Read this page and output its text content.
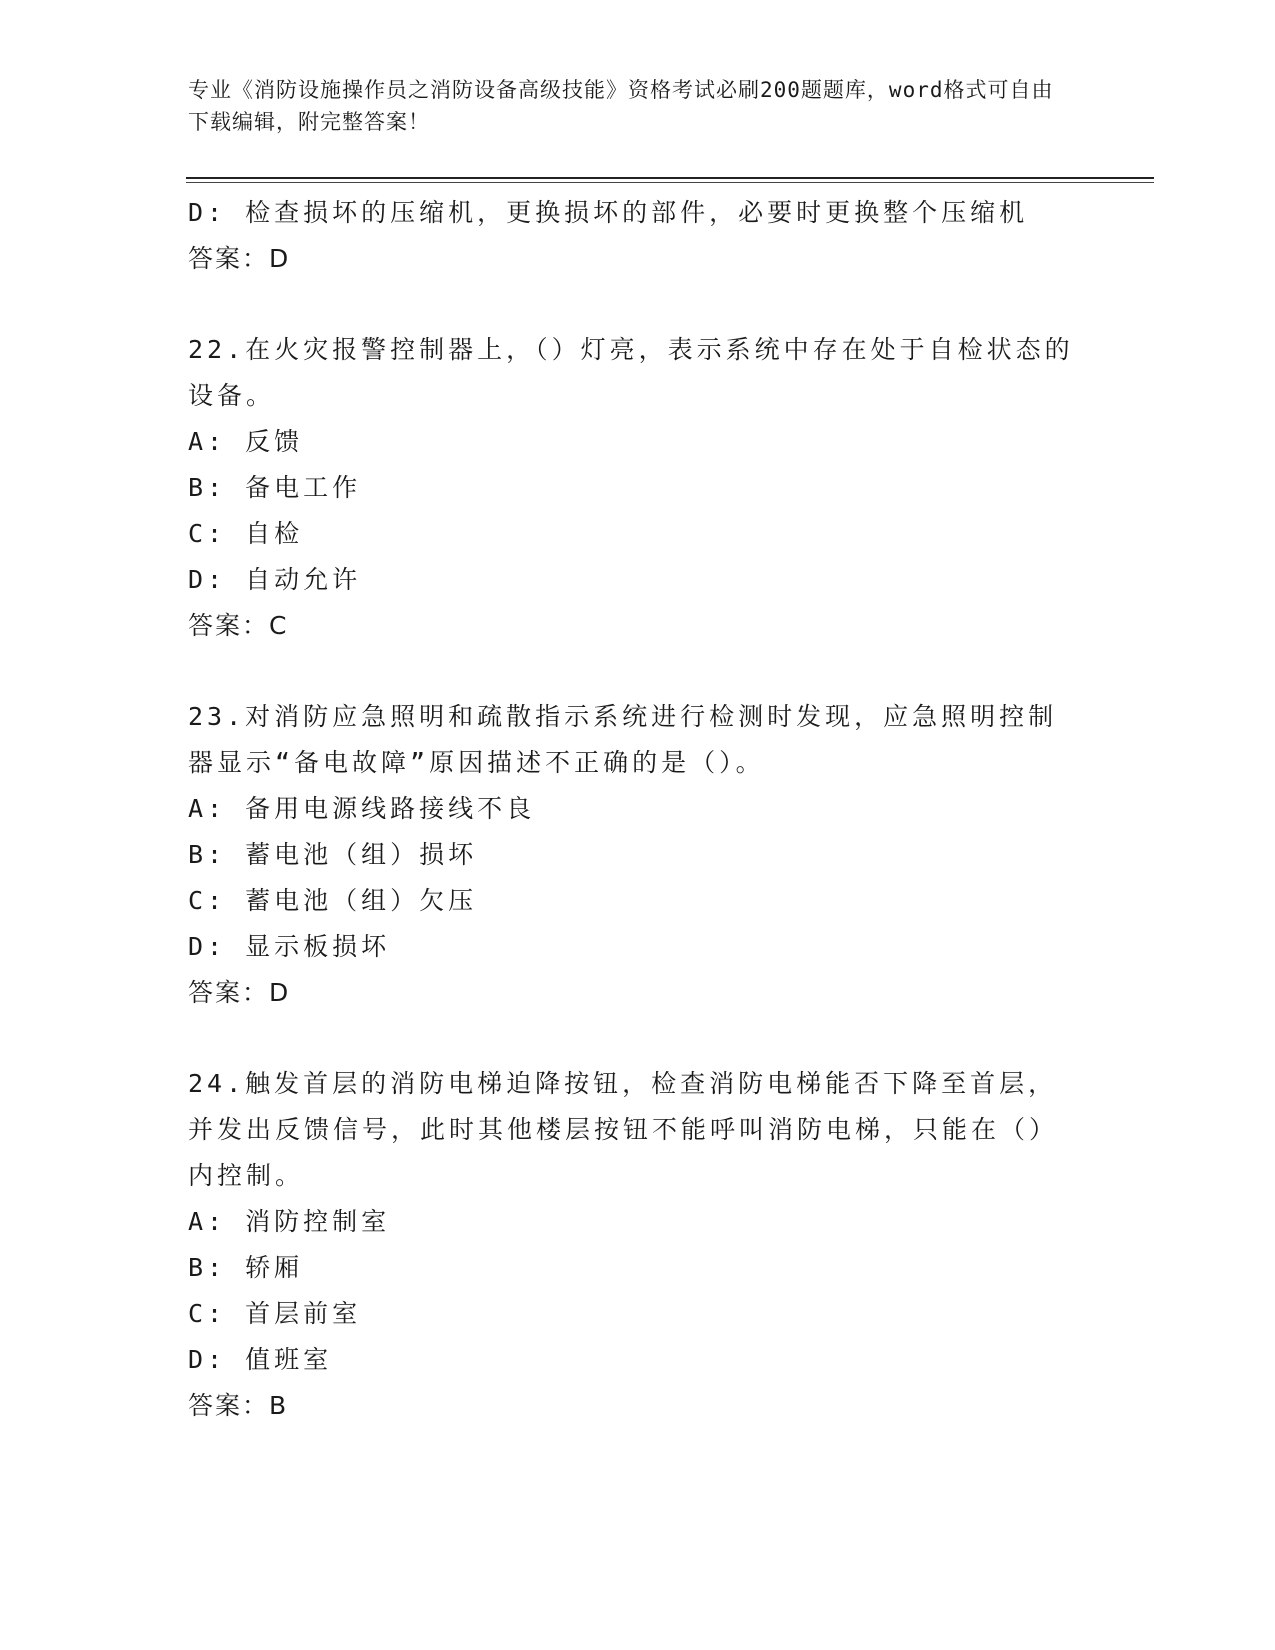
专业《消防设施操作员之消防设备高级技能》资格考试必刷200题题库，word格式可自由下载编辑，附完整答案！
D: 检查损坏的压缩机，更换损坏的部件，必要时更换整个压缩机
答案：D
22.在火灾报警控制器上，（）灯亮，表示系统中存在处于自检状态的设备。
A: 反馈
B: 备电工作
C: 自检
D: 自动允许
答案：C
23.对消防应急照明和疏散指示系统进行检测时发现，应急照明控制器显示“备电故障”原因描述不正确的是（）。
A: 备用电源线路接线不良
B: 蓄电池（组）损坏
C: 蓄电池（组）欠压
D: 显示板损坏
答案：D
24.触发首层的消防电梯迫降按钮，检查消防电梯能否下降至首层，并发出反馈信号，此时其他楼层按钮不能呼叫消防电梯，只能在（）内控制。
A: 消防控制室
B: 轿厢
C: 首层前室
D: 值班室
答案：B
